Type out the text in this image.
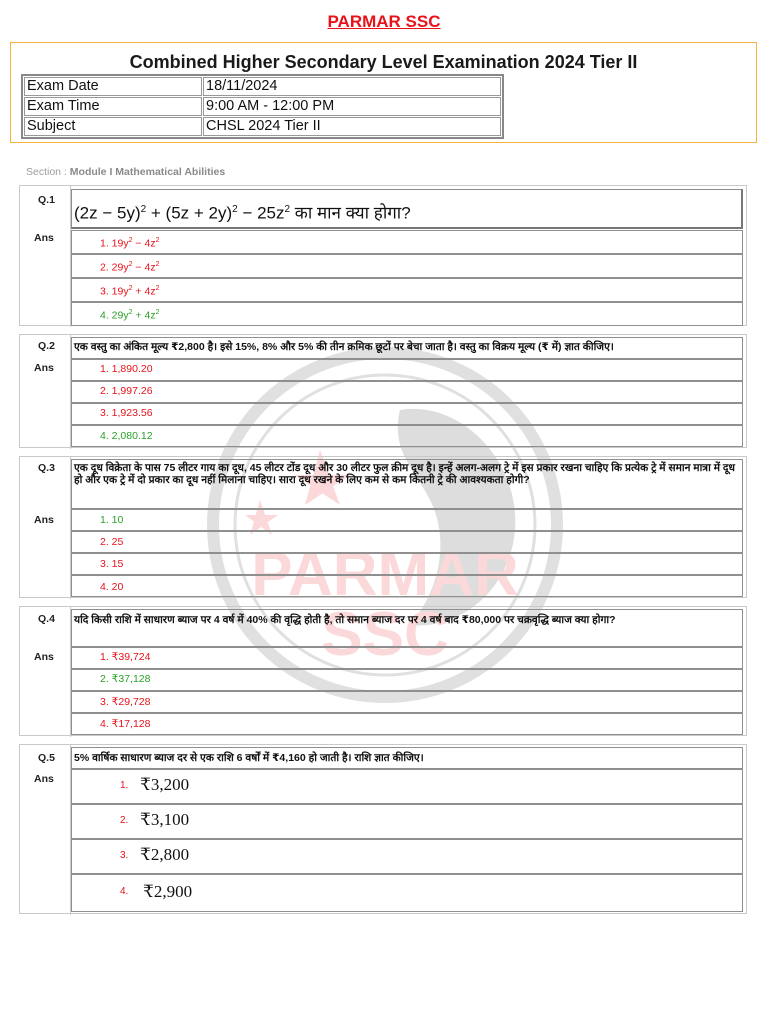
PARMAR
SSC
PARMAR SSC
Combined Higher Secondary Level Examination 2024 Tier II
Exam Date	18/11/2024
Exam Time	9:00 AM - 12:00 PM
Subject	CHSL 2024 Tier II
Section : Module I Mathematical Abilities
Q.1
$(2z - 5y)^2 + (5z + 2y)^2 - 25z^2$ का मान क्या होगा?
Ans	1. $19y^2 - 4z^2$
2. $29y^2 - 4z^2$
3. $19y^2 + 4z^2$
4. $29y^2 + 4z^2$
Q.2 एक वस्तु का अंकित मूल्य ₹2,800 है। इसे 15%, 8% और 5% की तीन क्रमिक छूटों पर बेचा जाता है। वस्तु का विक्रय मूल्य (₹ में) ज्ञात कीजिए।
Ans	1. 1,890.20
2. 1,997.26
3. 1,923.56
4. 2,080.12
Q.3 एक दूध विक्रेता के पास 75 लीटर गाय का दूध, 45 लीटर टोंड दूध और 30 लीटर फुल क्रीम दूध है। इन्हें अलग-अलग ट्रे में इस प्रकार रखना चाहिए कि प्रत्येक ट्रे में समान मात्रा में दूध हो और एक ट्रे में दो प्रकार का दूध नहीं मिलाना चाहिए। सारा दूध रखने के लिए कम से कम कितनी ट्रे की आवश्यकता होगी?
Ans	1. 10
2. 25
3. 15
4. 20
Q.4 यदि किसी राशि में साधारण ब्याज पर 4 वर्ष में 40% की वृद्धि होती है, तो समान ब्याज दर पर 4 वर्ष बाद ₹80,000 पर चक्रवृद्धि ब्याज क्या होगा?
Ans	1. ₹39,724
2. ₹37,128
3. ₹29,728
4. ₹17,128
Q.5 5% वार्षिक साधारण ब्याज दर से एक राशि 6 वर्षों में ₹4,160 हो जाती है। राशि ज्ञात कीजिए।
Ans
1. ₹3,200
2. ₹3,100
3. ₹2,800
4. ₹2,900
